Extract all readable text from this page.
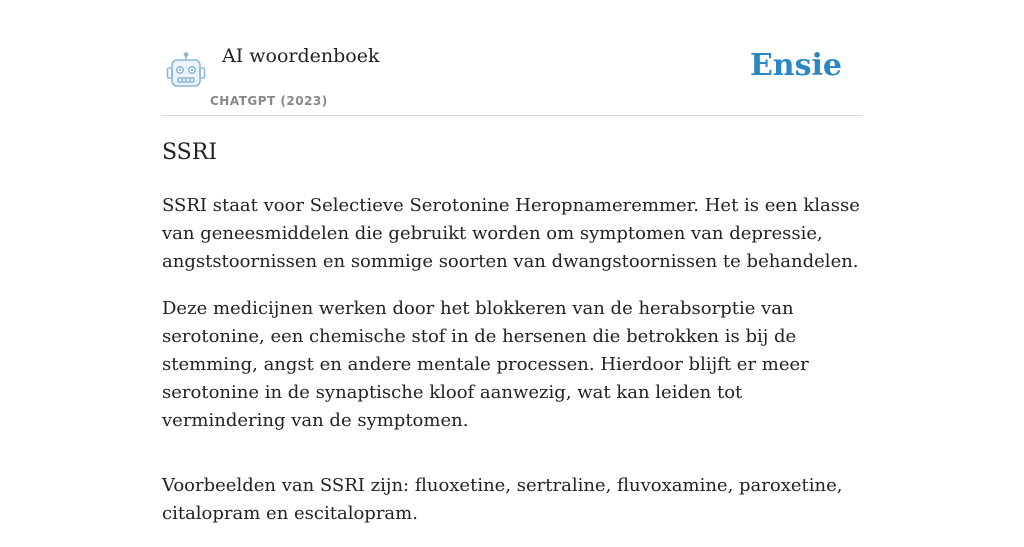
AI woordenboek
CHATGPT (2023)
Ensie
SSRI

SSRI staat voor Selectieve Serotonine Heropnameremmer. Het is een klasse van geneesmiddelen die gebruikt worden om symptomen van depressie, angststoornissen en sommige soorten van dwangstoornissen te behandelen.

Deze medicijnen werken door het blokkeren van de herabsorptie van serotonine, een chemische stof in de hersenen die betrokken is bij de stemming, angst en andere mentale processen. Hierdoor blijft er meer serotonine in de synaptische kloof aanwezig, wat kan leiden tot vermindering van de symptomen.

Voorbeelden van SSRI zijn: fluoxetine, sertraline, fluvoxamine, paroxetine, citalopram en escitalopram.
